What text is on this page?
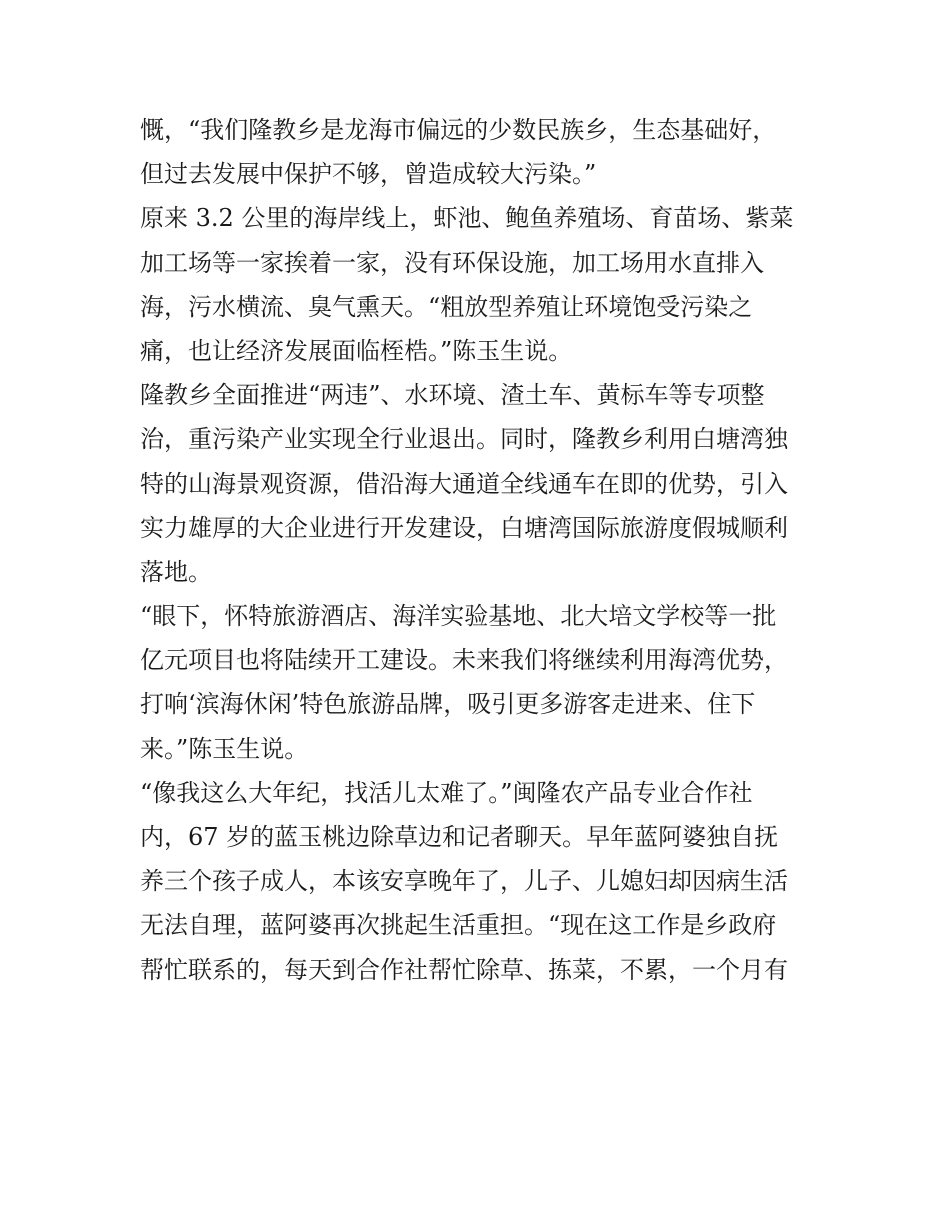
慨，“我们隆教乡是龙海市偏远的少数民族乡，生态基础好，
但过去发展中保护不够，曾造成较大污染。”
原来 3.2 公里的海岸线上，虾池、鲍鱼养殖场、育苗场、紫菜
加工场等一家挨着一家，没有环保设施，加工场用水直排入
海，污水横流、臭气熏天。“粗放型养殖让环境饱受污染之
痛，也让经济发展面临桎梏。”陈玉生说。
隆教乡全面推进“两违”、水环境、渣土车、黄标车等专项整
治，重污染产业实现全行业退出。同时，隆教乡利用白塘湾独
特的山海景观资源，借沿海大通道全线通车在即的优势，引入
实力雄厚的大企业进行开发建设，白塘湾国际旅游度假城顺利
落地。
“眼下，怀特旅游酒店、海洋实验基地、北大培文学校等一批
亿元项目也将陆续开工建设。未来我们将继续利用海湾优势，
打响‘滨海休闲’特色旅游品牌，吸引更多游客走进来、住下
来。”陈玉生说。
“像我这么大年纪，找活儿太难了。”闽隆农产品专业合作社
内，67 岁的蓝玉桃边除草边和记者聊天。早年蓝阿婆独自抚
养三个孩子成人，本该安享晚年了，儿子、儿媳妇却因病生活
无法自理，蓝阿婆再次挑起生活重担。“现在这工作是乡政府
帮忙联系的，每天到合作社帮忙除草、拣菜，不累，一个月有
